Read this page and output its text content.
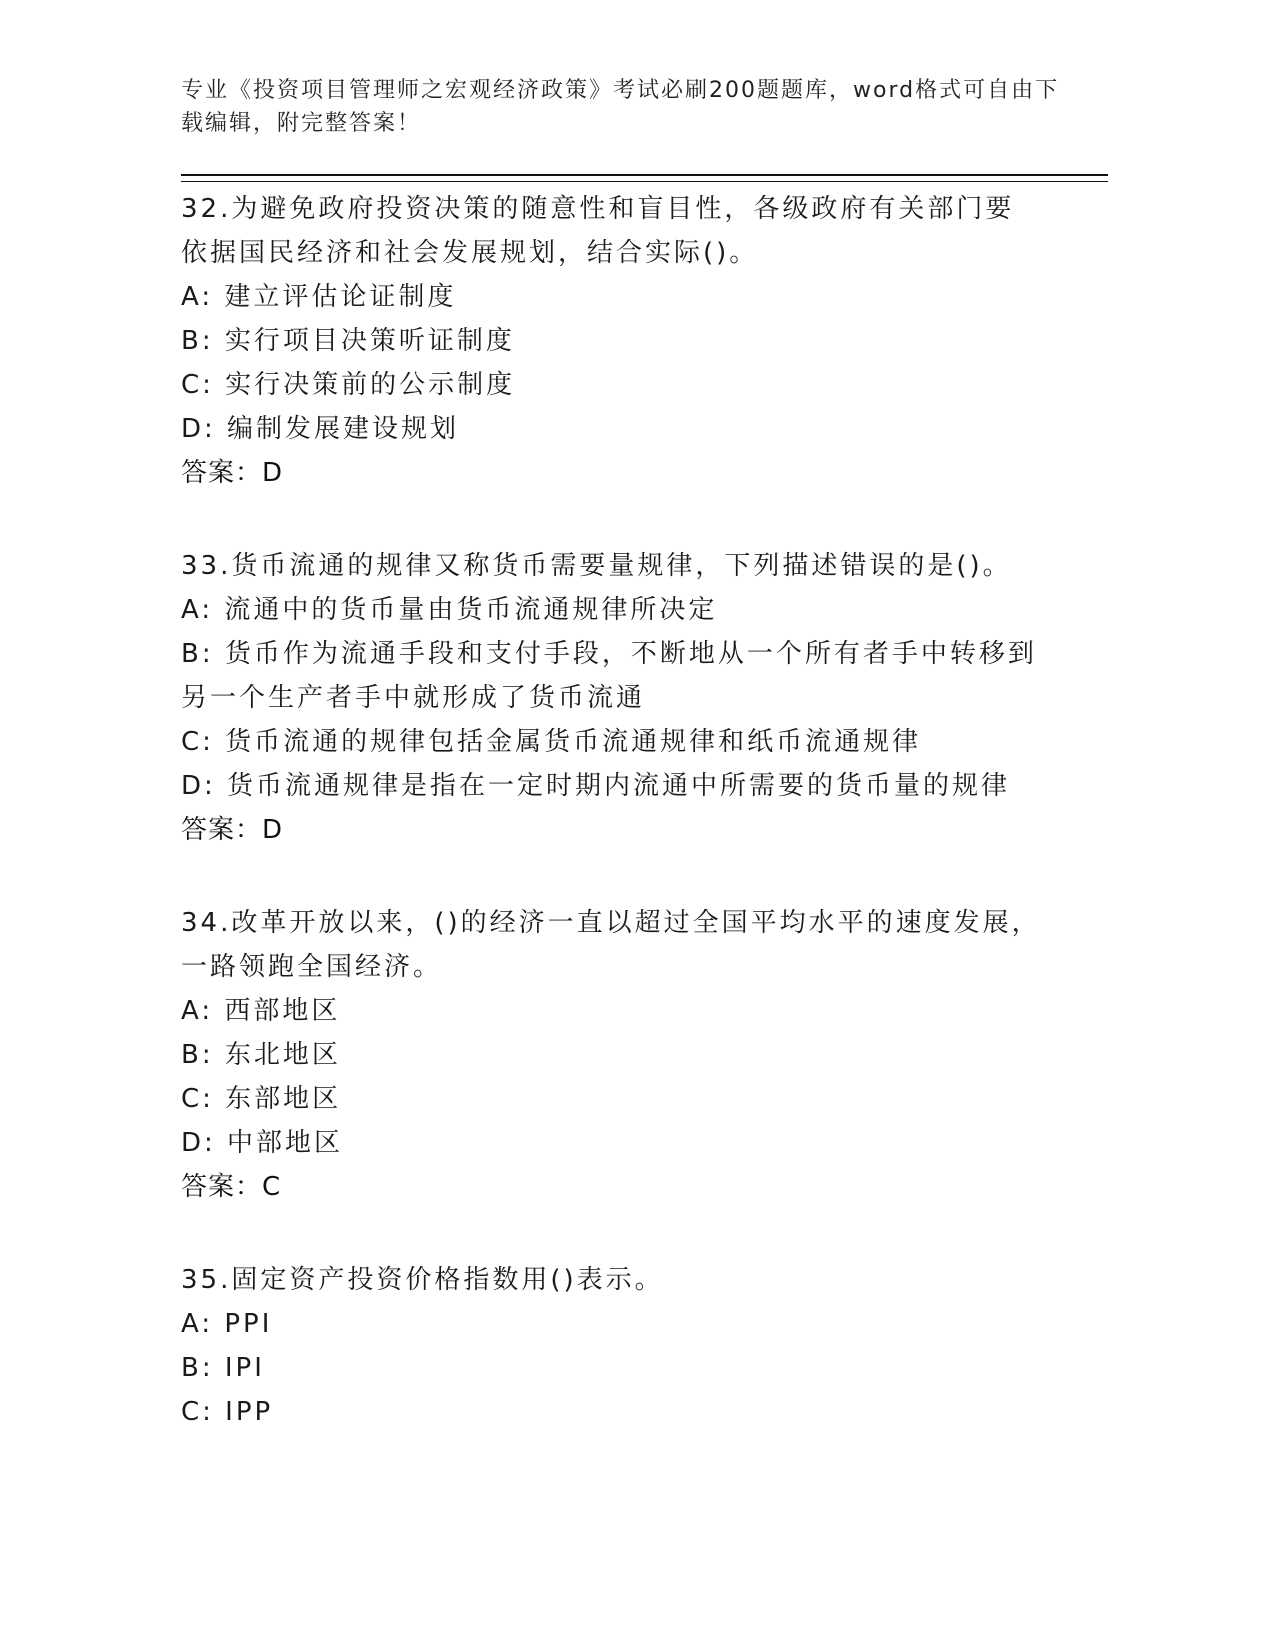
专业《投资项目管理师之宏观经济政策》考试必刷200题题库，word格式可自由下载编辑，附完整答案！

32.为避免政府投资决策的随意性和盲目性，各级政府有关部门要依据国民经济和社会发展规划，结合实际()。

A: 建立评估论证制度

B: 实行项目决策听证制度

C: 实行决策前的公示制度

D: 编制发展建设规划

答案：D

33.货币流通的规律又称货币需要量规律，下列描述错误的是()。

A: 流通中的货币量由货币流通规律所决定

B: 货币作为流通手段和支付手段，不断地从一个所有者手中转移到另一个生产者手中就形成了货币流通

C: 货币流通的规律包括金属货币流通规律和纸币流通规律

D: 货币流通规律是指在一定时期内流通中所需要的货币量的规律

答案：D

34.改革开放以来，()的经济一直以超过全国平均水平的速度发展，一路领跑全国经济。

A: 西部地区

B: 东北地区

C: 东部地区

D: 中部地区

答案：C

35.固定资产投资价格指数用()表示。

A: PPI

B: IPI

C: IPP
